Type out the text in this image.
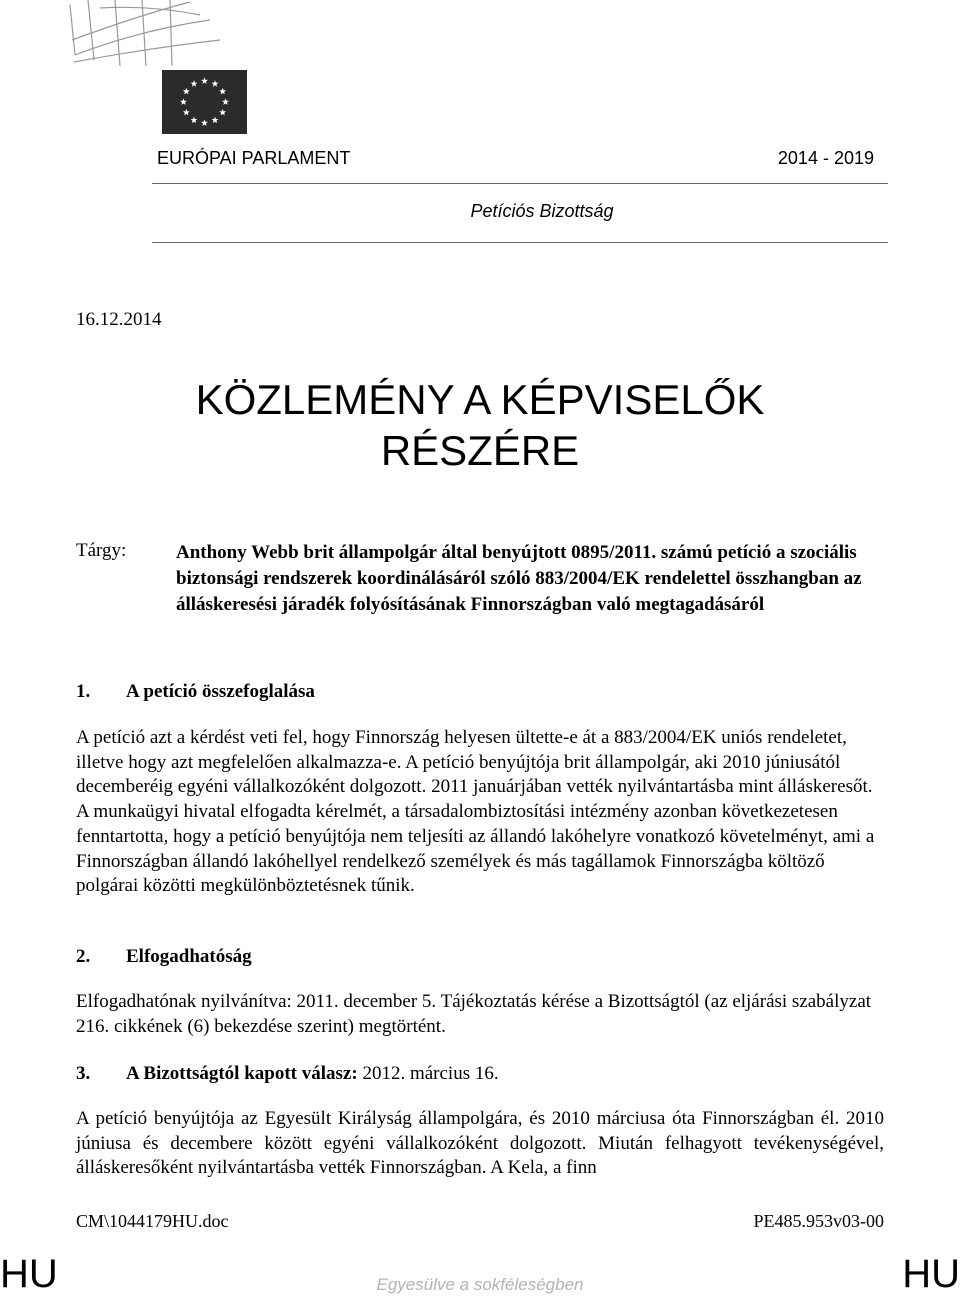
EURÓPAI PARLAMENT	2014 - 2019
Petíciós Bizottság
16.12.2014
KÖZLEMÉNY A KÉPVISELŐK
RÉSZÉRE
Tárgy:	Anthony Webb brit állampolgár által benyújtott 0895/2011. számú petíció a szociális biztonsági rendszerek koordinálásáról szóló 883/2004/EK rendelettel összhangban az álláskeresési járadék folyósításának Finnországban való megtagadásáról
1. A petíció összefoglalása
A petíció azt a kérdést veti fel, hogy Finnország helyesen ültette-e át a 883/2004/EK uniós rendeletet, illetve hogy azt megfelelően alkalmazza-e. A petíció benyújtója brit állampolgár, aki 2010 júniusától decemberéig egyéni vállalkozóként dolgozott. 2011 januárjában vették nyilvántartásba mint álláskeresőt. A munkaügyi hivatal elfogadta kérelmét, a társadalombiztosítási intézmény azonban következetesen fenntartotta, hogy a petíció benyújtója nem teljesíti az állandó lakóhelyre vonatkozó követelményt, ami a Finnországban állandó lakóhellyel rendelkező személyek és más tagállamok Finnországba költöző polgárai közötti megkülönböztetésnek tűnik.
2. Elfogadhatóság
Elfogadhatónak nyilvánítva: 2011. december 5. Tájékoztatás kérése a Bizottságtól (az eljárási szabályzat 216. cikkének (6) bekezdése szerint) megtörtént.
3. A Bizottságtól kapott válasz: 2012. március 16.
A petíció benyújtója az Egyesült Királyság állampolgára, és 2010 márciusa óta Finnországban él. 2010 júniusa és decembere között egyéni vállalkozóként dolgozott. Miután felhagyott tevékenységével, álláskeresőként nyilvántartásba vették Finnországban. A Kela, a finn
CM\1044179HU.doc	PE485.953v03-00
HU	Egyesülve a sokféleségben	HU
